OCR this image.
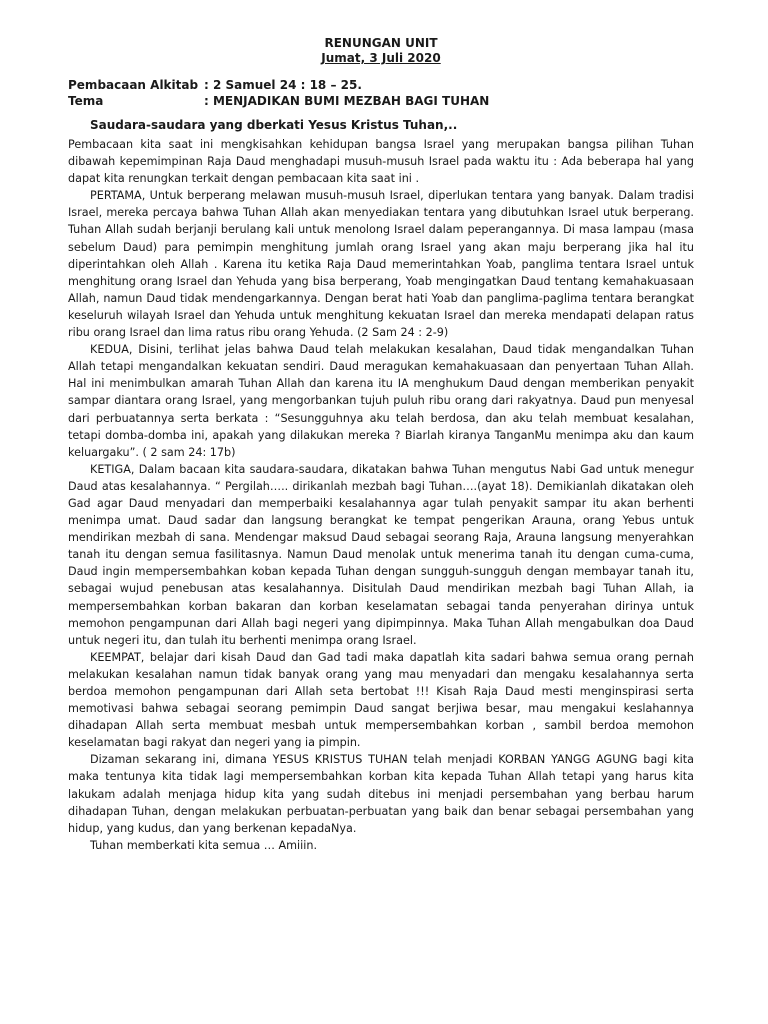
RENUNGAN UNIT
Jumat, 3 Juli 2020
Pembacaan Alkitab : 2 Samuel 24 : 18 – 25.
Tema	: MENJADIKAN BUMI MEZBAH BAGI TUHAN
Saudara-saudara yang dberkati Yesus Kristus Tuhan,..

Pembacaan kita saat ini mengkisahkan kehidupan bangsa Israel yang merupakan bangsa pilihan Tuhan dibawah kepemimpinan Raja Daud menghadapi musuh-musuh Israel pada waktu itu : Ada beberapa hal yang dapat kita renungkan terkait dengan pembacaan kita saat ini .

PERTAMA, Untuk berperang melawan musuh-musuh Israel, diperlukan tentara yang banyak. Dalam tradisi Israel, mereka percaya bahwa Tuhan Allah akan menyediakan tentara yang dibutuhkan Israel utuk berperang. Tuhan Allah sudah berjanji berulang kali untuk menolong Israel dalam peperangannya. Di masa lampau (masa sebelum Daud) para pemimpin menghitung jumlah orang Israel yang akan maju berperang jika hal itu diperintahkan oleh Allah . Karena itu ketika Raja Daud memerintahkan Yoab, panglima tentara Israel untuk menghitung orang Israel dan Yehuda yang bisa berperang, Yoab mengingatkan Daud tentang kemahakuasaan Allah, namun Daud tidak mendengarkannya. Dengan berat hati Yoab dan panglima-paglima tentara berangkat keseluruh wilayah Israel dan Yehuda untuk menghitung kekuatan Israel dan mereka mendapati delapan ratus ribu orang Israel dan lima ratus ribu orang Yehuda. (2 Sam 24 : 2-9)

KEDUA, Disini, terlihat jelas bahwa Daud telah melakukan kesalahan, Daud tidak mengandalkan Tuhan Allah tetapi mengandalkan kekuatan sendiri. Daud meragukan kemahakuasaan dan penyertaan Tuhan Allah. Hal ini menimbulkan amarah Tuhan Allah dan karena itu IA menghukum Daud dengan memberikan penyakit sampar diantara orang Israel, yang mengorbankan tujuh puluh ribu orang dari rakyatnya. Daud pun menyesal dari perbuatannya serta berkata : “Sesungguhnya aku telah berdosa, dan aku telah membuat kesalahan, tetapi domba-domba ini, apakah yang dilakukan mereka ? Biarlah kiranya TanganMu menimpa aku dan kaum keluargaku”. ( 2 sam 24: 17b)

KETIGA, Dalam bacaan kita saudara-saudara, dikatakan bahwa Tuhan mengutus Nabi Gad untuk menegur Daud atas kesalahannya. “ Pergilah….. dirikanlah mezbah bagi Tuhan….(ayat 18). Demikianlah dikatakan oleh Gad agar Daud menyadari dan memperbaiki kesalahannya agar tulah penyakit sampar itu akan berhenti menimpa umat. Daud sadar dan langsung berangkat ke tempat pengerikan Arauna, orang Yebus untuk mendirikan mezbah di sana. Mendengar maksud Daud sebagai seorang Raja, Arauna langsung menyerahkan tanah itu dengan semua fasilitasnya. Namun Daud menolak untuk menerima tanah itu dengan cuma-cuma, Daud ingin mempersembahkan koban kepada Tuhan dengan sungguh-sungguh dengan membayar tanah itu, sebagai wujud penebusan atas kesalahannya. Disitulah Daud mendirikan mezbah bagi Tuhan Allah, ia mempersembahkan korban bakaran dan korban keselamatan sebagai tanda penyerahan dirinya untuk memohon pengampunan dari Allah bagi negeri yang dipimpinnya. Maka Tuhan Allah mengabulkan doa Daud untuk negeri itu, dan tulah itu berhenti menimpa orang Israel.

KEEMPAT, belajar dari kisah Daud dan Gad tadi maka dapatlah kita sadari bahwa semua orang pernah melakukan kesalahan namun tidak banyak orang yang mau menyadari dan mengaku kesalahannya serta berdoa memohon pengampunan dari Allah seta bertobat !!! Kisah Raja Daud mesti menginspirasi serta memotivasi bahwa sebagai seorang pemimpin Daud sangat berjiwa besar, mau mengakui keslahannya dihadapan Allah serta membuat mesbah untuk mempersembahkan korban , sambil berdoa memohon keselamatan bagi rakyat dan negeri yang ia pimpin.

Dizaman sekarang ini, dimana YESUS KRISTUS TUHAN telah menjadi KORBAN YANGG AGUNG bagi kita maka tentunya kita tidak lagi mempersembahkan korban kita kepada Tuhan Allah tetapi yang harus kita lakukam adalah menjaga hidup kita yang sudah ditebus ini menjadi persembahan yang berbau harum dihadapan Tuhan, dengan melakukan perbuatan-perbuatan yang baik dan benar sebagai persembahan yang hidup, yang kudus, dan yang berkenan kepadaNya.

Tuhan memberkati kita semua … Amiiin.
